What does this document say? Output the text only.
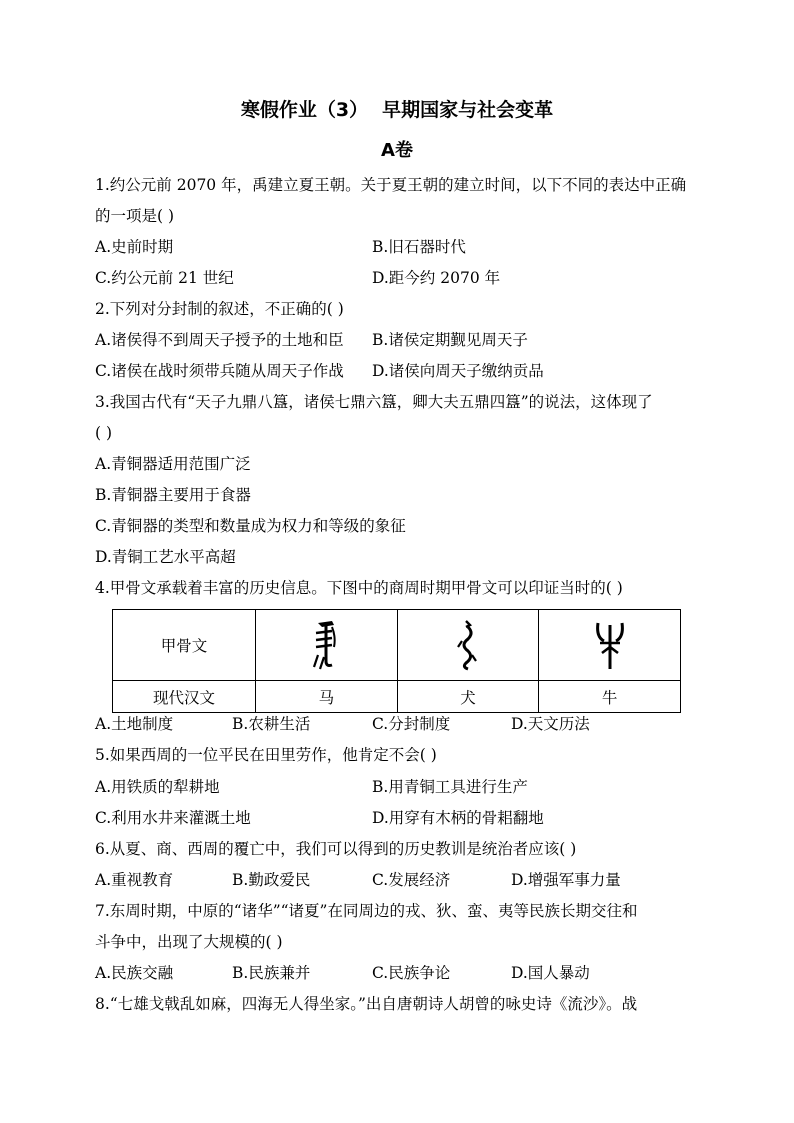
寒假作业（3） 早期国家与社会变革
A卷
1.约公元前 2070 年，禹建立夏王朝。关于夏王朝的建立时间，以下不同的表达中正确
的一项是( )
A.史前时期	B.旧石器时代
C.约公元前 21 世纪	D.距今约 2070 年
2.下列对分封制的叙述，不正确的( )
A.诸侯得不到周天子授予的土地和臣 B.诸侯定期觐见周天子
C.诸侯在战时须带兵随从周天子作战 D.诸侯向周天子缴纳贡品
3.我国古代有“天子九鼎八簋，诸侯七鼎六簋，卿大夫五鼎四簋”的说法，这体现了
( )
A.青铜器适用范围广泛
B.青铜器主要用于食器
C.青铜器的类型和数量成为权力和等级的象征
D.青铜工艺水平高超
4.甲骨文承载着丰富的历史信息。下图中的商周时期甲骨文可以印证当时的( )
甲骨文	

现代汉文	马	犬	牛
A.土地制度	B.农耕生活	C.分封制度	D.天文历法
5.如果西周的一位平民在田里劳作，他肯定不会( )
A.用铁质的犁耕地	B.用青铜工具进行生产
C.利用水井来灌溉土地	D.用穿有木柄的骨耜翻地
6.从夏、商、西周的覆亡中，我们可以得到的历史教训是统治者应该( )
A.重视教育	B.勤政爱民	C.发展经济	D.增强军事力量
7.东周时期，中原的“诸华”“诸夏”在同周边的戎、狄、蛮、夷等民族长期交往和
斗争中，出现了大规模的( )
A.民族交融	B.民族兼并	C.民族争论	D.国人暴动
8.“七雄戈戟乱如麻，四海无人得坐家。”出自唐朝诗人胡曾的咏史诗《流沙》。战
